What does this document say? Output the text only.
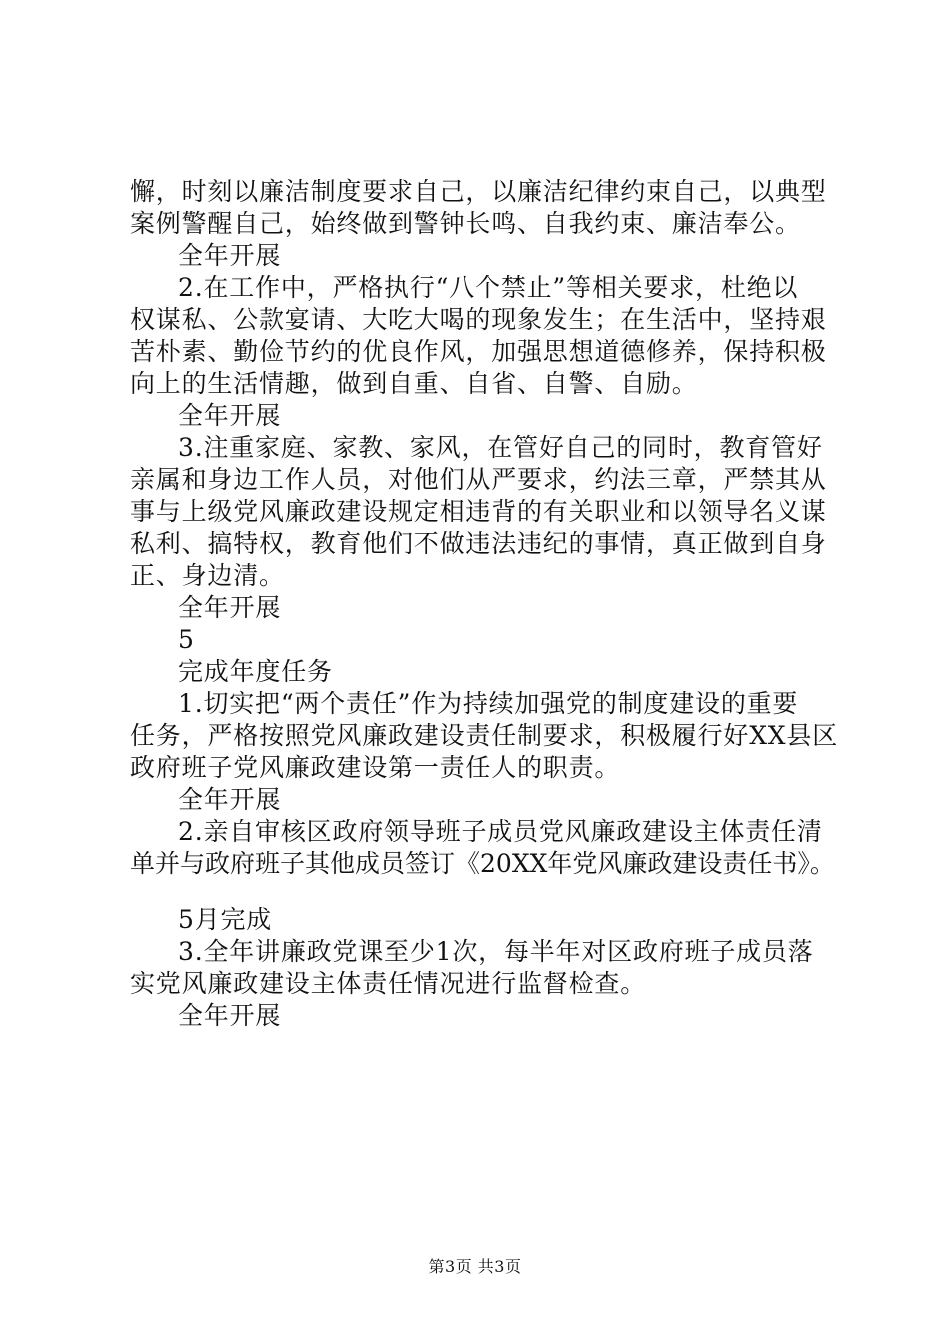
懈，时刻以廉洁制度要求自己，以廉洁纪律约束自己，以典型
案例警醒自己，始终做到警钟长鸣、自我约束、廉洁奉公。
全年开展
2.在工作中，严格执行“八个禁止”等相关要求，杜绝以
权谋私、公款宴请、大吃大喝的现象发生；在生活中，坚持艰
苦朴素、勤俭节约的优良作风，加强思想道德修养，保持积极
向上的生活情趣，做到自重、自省、自警、自励。
全年开展
3.注重家庭、家教、家风，在管好自己的同时，教育管好
亲属和身边工作人员，对他们从严要求，约法三章，严禁其从
事与上级党风廉政建设规定相违背的有关职业和以领导名义谋
私利、搞特权，教育他们不做违法违纪的事情，真正做到自身
正、身边清。
全年开展
5
完成年度任务
1.切实把“两个责任”作为持续加强党的制度建设的重要
任务，严格按照党风廉政建设责任制要求，积极履行好XX县区
政府班子党风廉政建设第一责任人的职责。
全年开展
2.亲自审核区政府领导班子成员党风廉政建设主体责任清
单并与政府班子其他成员签订《20XX年党风廉政建设责任书》。
5月完成
3.全年讲廉政党课至少1次，每半年对区政府班子成员落
实党风廉政建设主体责任情况进行监督检查。
全年开展
第3页 共3页
